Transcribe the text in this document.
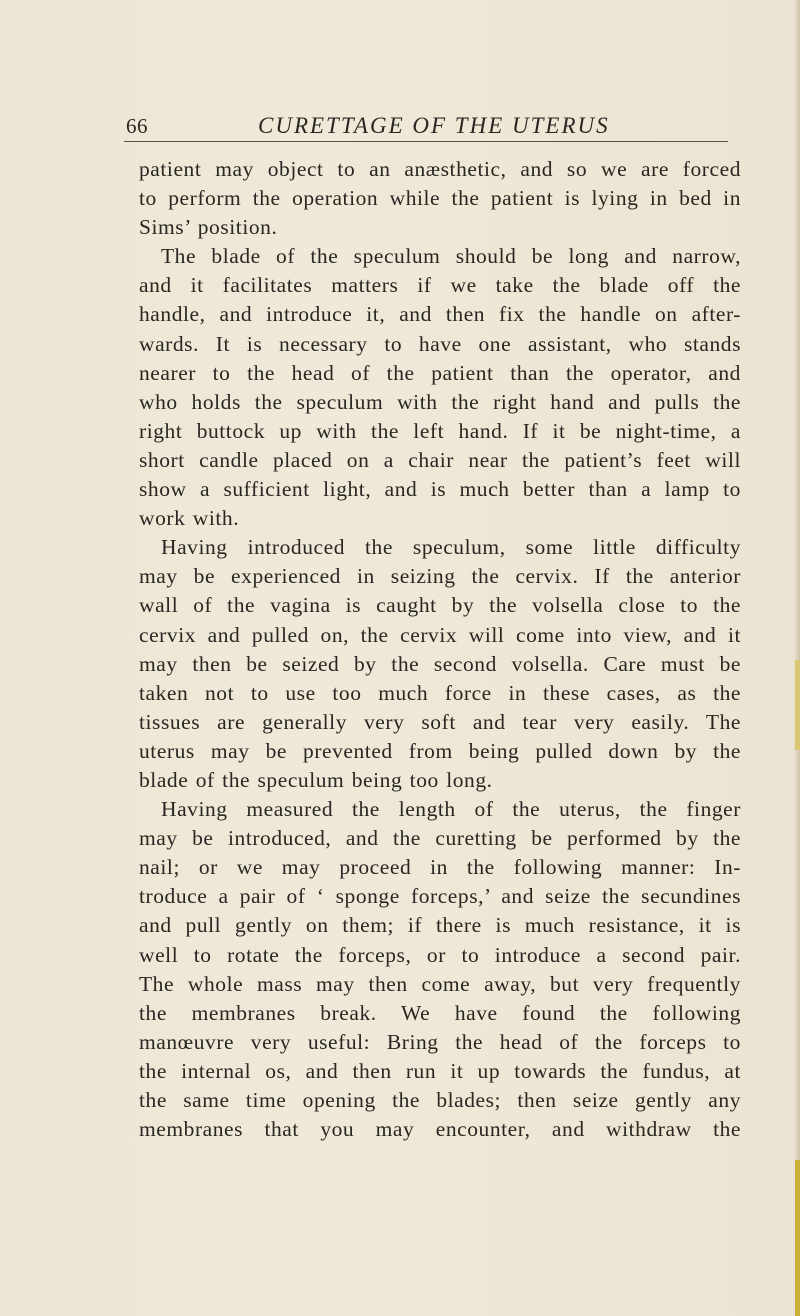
66	CURETTAGE OF THE UTERUS
patient may object to an anæsthetic, and so we are forced
to perform the operation while the patient is lying in bed in
Sims’ position.
The blade of the speculum should be long and narrow,
and it facilitates matters if we take the blade off the
handle, and introduce it, and then fix the handle on after-
wards. It is necessary to have one assistant, who stands
nearer to the head of the patient than the operator, and
who holds the speculum with the right hand and pulls the
right buttock up with the left hand. If it be night-time, a
short candle placed on a chair near the patient’s feet will
show a sufficient light, and is much better than a lamp to
work with.
Having introduced the speculum, some little difficulty
may be experienced in seizing the cervix. If the anterior
wall of the vagina is caught by the volsella close to the
cervix and pulled on, the cervix will come into view, and it
may then be seized by the second volsella. Care must be
taken not to use too much force in these cases, as the
tissues are generally very soft and tear very easily. The
uterus may be prevented from being pulled down by the
blade of the speculum being too long.
Having measured the length of the uterus, the finger
may be introduced, and the curetting be performed by the
nail; or we may proceed in the following manner: In-
troduce a pair of ‘ sponge forceps,’ and seize the secundines
and pull gently on them; if there is much resistance, it is
well to rotate the forceps, or to introduce a second pair.
The whole mass may then come away, but very frequently
the membranes break. We have found the following
manœuvre very useful: Bring the head of the forceps to
the internal os, and then run it up towards the fundus, at
the same time opening the blades; then seize gently any
membranes that you may encounter, and withdraw the
